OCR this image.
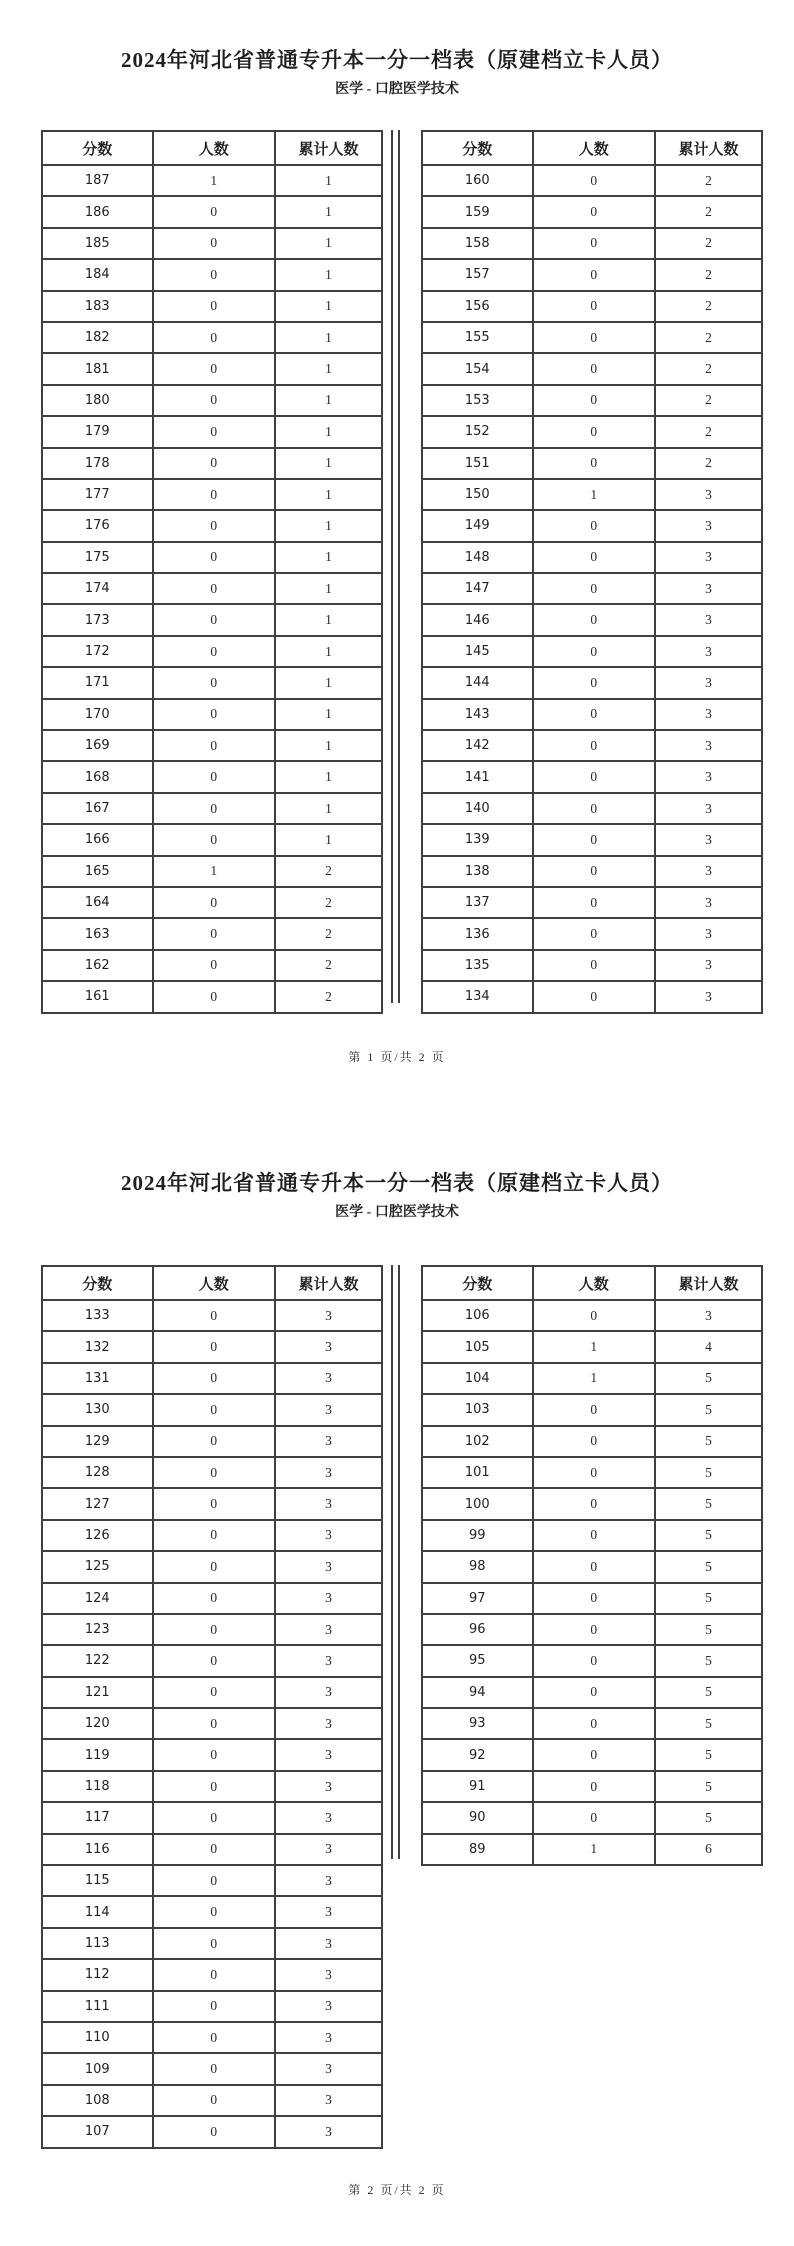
2024年河北省普通专升本一分一档表（原建档立卡人员）
医学 - 口腔医学技术
分数	人数	累计人数
187	1	1
186	0	1
185	0	1
184	0	1
183	0	1
182	0	1
181	0	1
180	0	1
179	0	1
178	0	1
177	0	1
176	0	1
175	0	1
174	0	1
173	0	1
172	0	1
171	0	1
170	0	1
169	0	1
168	0	1
167	0	1
166	0	1
165	1	2
164	0	2
163	0	2
162	0	2
161	0	2
分数	人数	累计人数
160	0	2
159	0	2
158	0	2
157	0	2
156	0	2
155	0	2
154	0	2
153	0	2
152	0	2
151	0	2
150	1	3
149	0	3
148	0	3
147	0	3
146	0	3
145	0	3
144	0	3
143	0	3
142	0	3
141	0	3
140	0	3
139	0	3
138	0	3
137	0	3
136	0	3
135	0	3
134	0	3
第 1 页/共 2 页
2024年河北省普通专升本一分一档表（原建档立卡人员）
医学 - 口腔医学技术
分数	人数	累计人数
133	0	3
132	0	3
131	0	3
130	0	3
129	0	3
128	0	3
127	0	3
126	0	3
125	0	3
124	0	3
123	0	3
122	0	3
121	0	3
120	0	3
119	0	3
118	0	3
117	0	3
116	0	3
115	0	3
114	0	3
113	0	3
112	0	3
111	0	3
110	0	3
109	0	3
108	0	3
107	0	3
分数	人数	累计人数
106	0	3
105	1	4
104	1	5
103	0	5
102	0	5
101	0	5
100	0	5
99	0	5
98	0	5
97	0	5
96	0	5
95	0	5
94	0	5
93	0	5
92	0	5
91	0	5
90	0	5
89	1	6
第 2 页/共 2 页
